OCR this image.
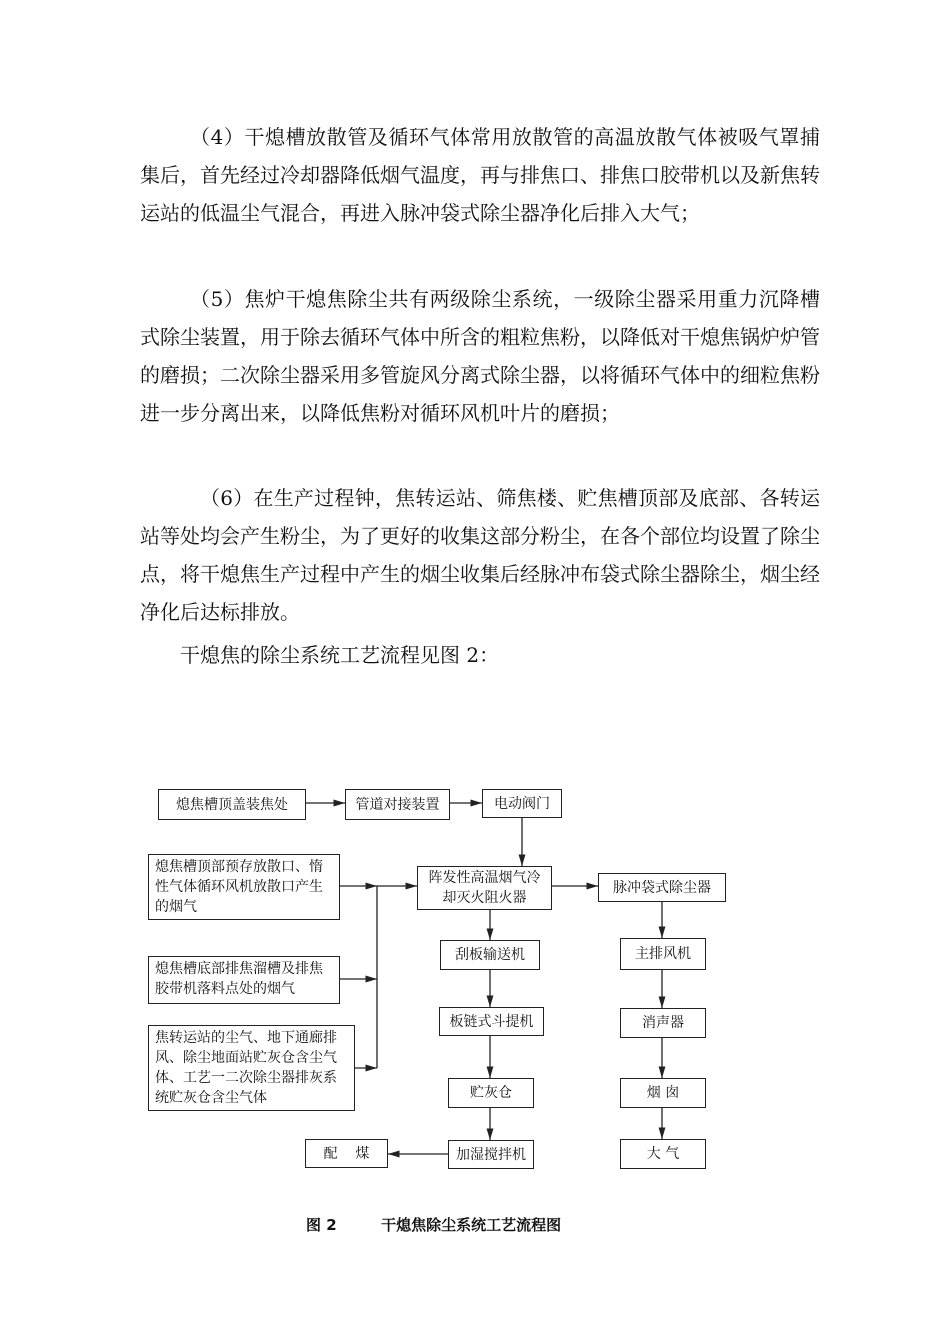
（4）干熄槽放散管及循环气体常用放散管的高温放散气体被吸气罩捕集后，首先经过冷却器降低烟气温度，再与排焦口、排焦口胶带机以及新焦转运站的低温尘气混合，再进入脉冲袋式除尘器净化后排入大气；

（5）焦炉干熄焦除尘共有两级除尘系统，一级除尘器采用重力沉降槽式除尘装置，用于除去循环气体中所含的粗粒焦粉，以降低对干熄焦锅炉炉管的磨损；二次除尘器采用多管旋风分离式除尘器，以将循环气体中的细粒焦粉进一步分离出来，以降低焦粉对循环风机叶片的磨损；

（6）在生产过程钟，焦转运站、筛焦楼、贮焦槽顶部及底部、各转运站等处均会产生粉尘，为了更好的收集这部分粉尘，在各个部位均设置了除尘点，将干熄焦生产过程中产生的烟尘收集后经脉冲布袋式除尘器除尘，烟尘经净化后达标排放。

干熄焦的除尘系统工艺流程见图 2：

熄焦槽顶盖装焦处	管道对接装置	电动阀门
熄焦槽顶部预存放散口、惰性气体循环风机放散口产生的烟气
熄焦槽底部排焦溜槽及排焦胶带机落料点处的烟气
焦转运站的尘气、地下通廊排风、除尘地面站贮灰仓含尘气体、工艺一二次除尘器排灰系统贮灰仓含尘气体
阵发性高温烟气冷却灭火阻火器
刮板输送机
板链式斗提机
贮灰仓
加湿搅拌机
配    煤
脉冲袋式除尘器
主排风机
消声器
烟 囱
大 气
图 2	干熄焦除尘系统工艺流程图
